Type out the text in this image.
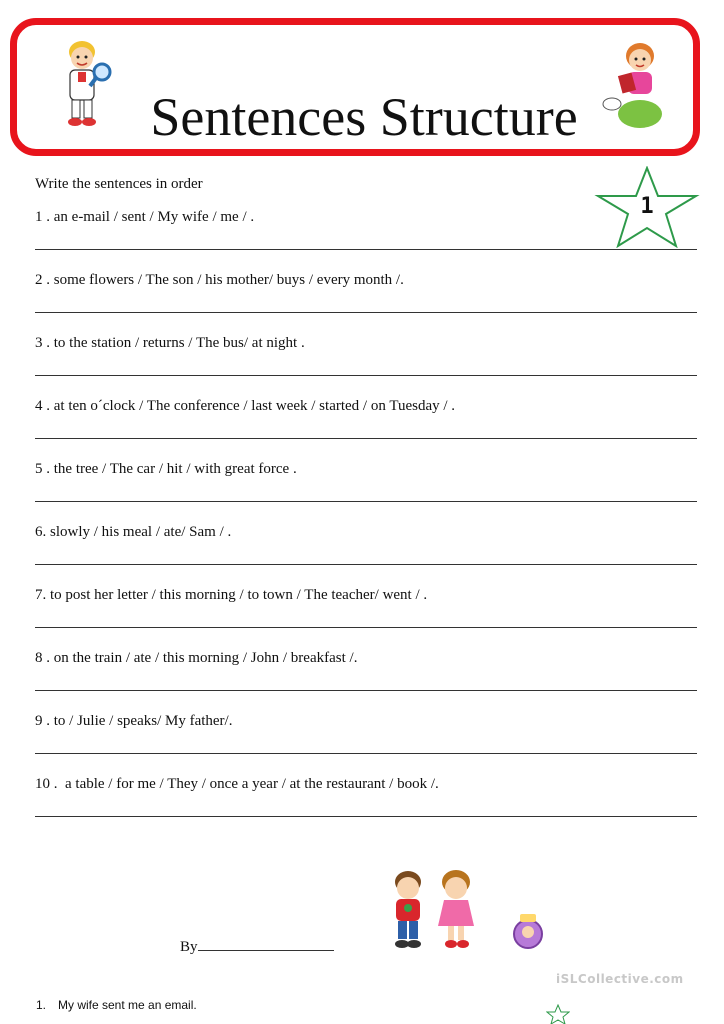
Sentences Structure
Write the sentences in order
1
1 . an e-mail / sent / My wife / me / .
2 . some flowers / The son / his mother/ buys / every month /.
3 . to the station / returns / The bus/ at night .
4 . at ten o´clock / The conference / last week / started / on Tuesday / .
5 . the tree / The car / hit / with great force .
6. slowly / his meal / ate/ Sam / .
7. to post her letter / this morning / to town / The teacher/ went / .
8 . on the train / ate / this morning / John / breakfast /.
9 . to / Julie / speaks/ My father/.
10 .  a table / for me / They / once a year / at the restaurant / book /.
By
iSLCollective.com
1. My wife sent me an email.
